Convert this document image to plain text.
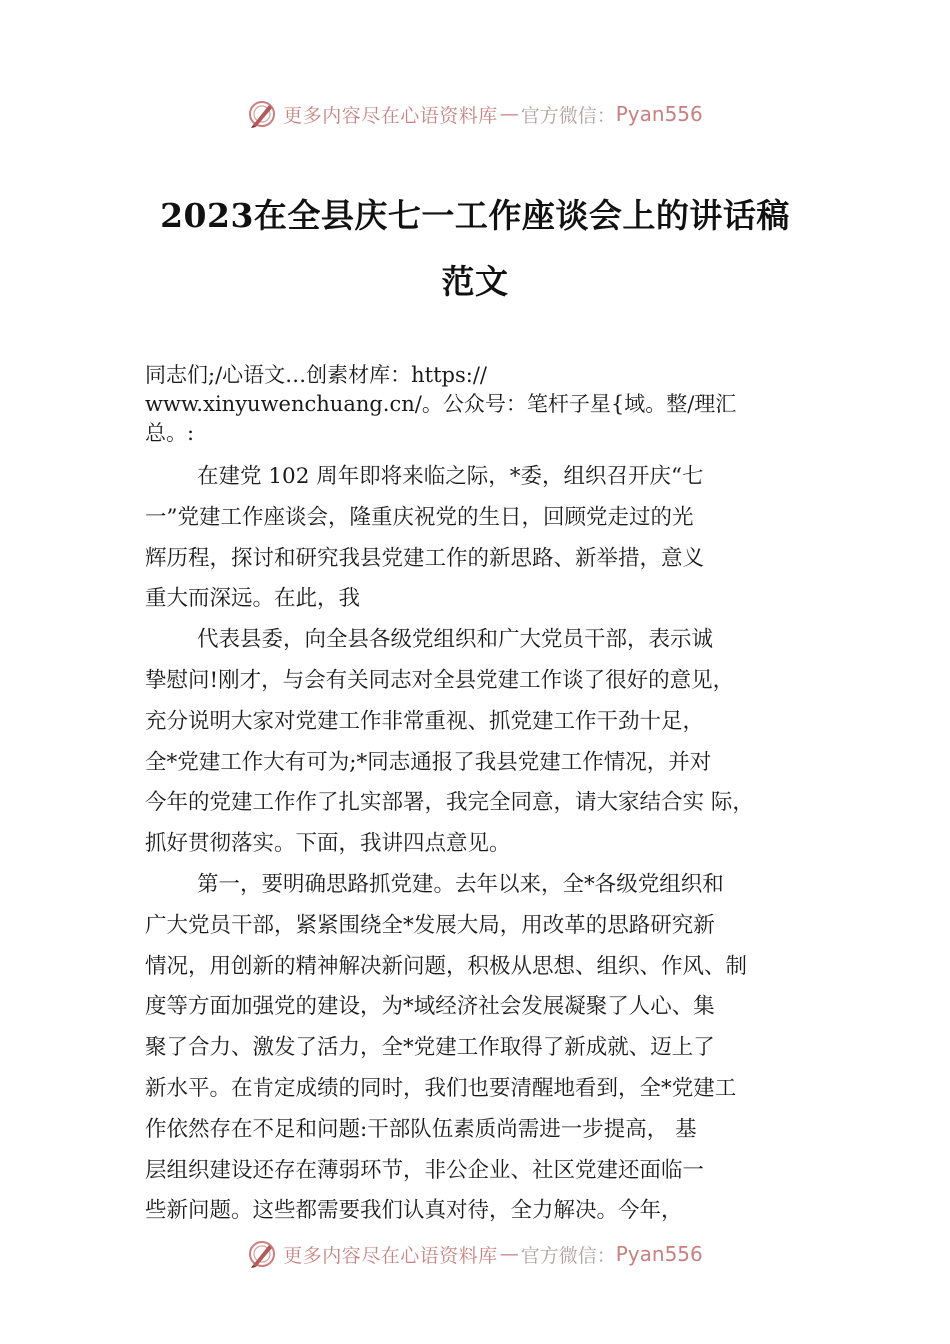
更多内容尽在心语资料库 — 官方微信： Pyan556
2023在全县庆七一工作座谈会上的讲话稿
范文
同志们;/心语文…创素材库：https://
www.xinyuwenchuang.cn/。公众号：笔杆子星{域。整/理汇
总。:
在建党 102 周年即将来临之际，*委，组织召开庆“七
一”党建工作座谈会，隆重庆祝党的生日，回顾党走过的光
辉历程，探讨和研究我县党建工作的新思路、新举措，意义
重大而深远。在此，我
代表县委，向全县各级党组织和广大党员干部，表示诚
挚慰问!刚才，与会有关同志对全县党建工作谈了很好的意见，
充分说明大家对党建工作非常重视、抓党建工作干劲十足，
全*党建工作大有可为;*同志通报了我县党建工作情况，并对
今年的党建工作作了扎实部署，我完全同意，请大家结合实 际，
抓好贯彻落实。下面，我讲四点意见。
第一，要明确思路抓党建。去年以来，全*各级党组织和
广大党员干部，紧紧围绕全*发展大局，用改革的思路研究新
情况，用创新的精神解决新问题，积极从思想、组织、作风、制
度等方面加强党的建设，为*域经济社会发展凝聚了人心、集
聚了合力、激发了活力，全*党建工作取得了新成就、迈上了
新水平。在肯定成绩的同时，我们也要清醒地看到，全*党建工
作依然存在不足和问题:干部队伍素质尚需进一步提高， 基
层组织建设还存在薄弱环节，非公企业、社区党建还面临一
些新问题。这些都需要我们认真对待，全力解决。今年，
更多内容尽在心语资料库 — 官方微信： Pyan556
